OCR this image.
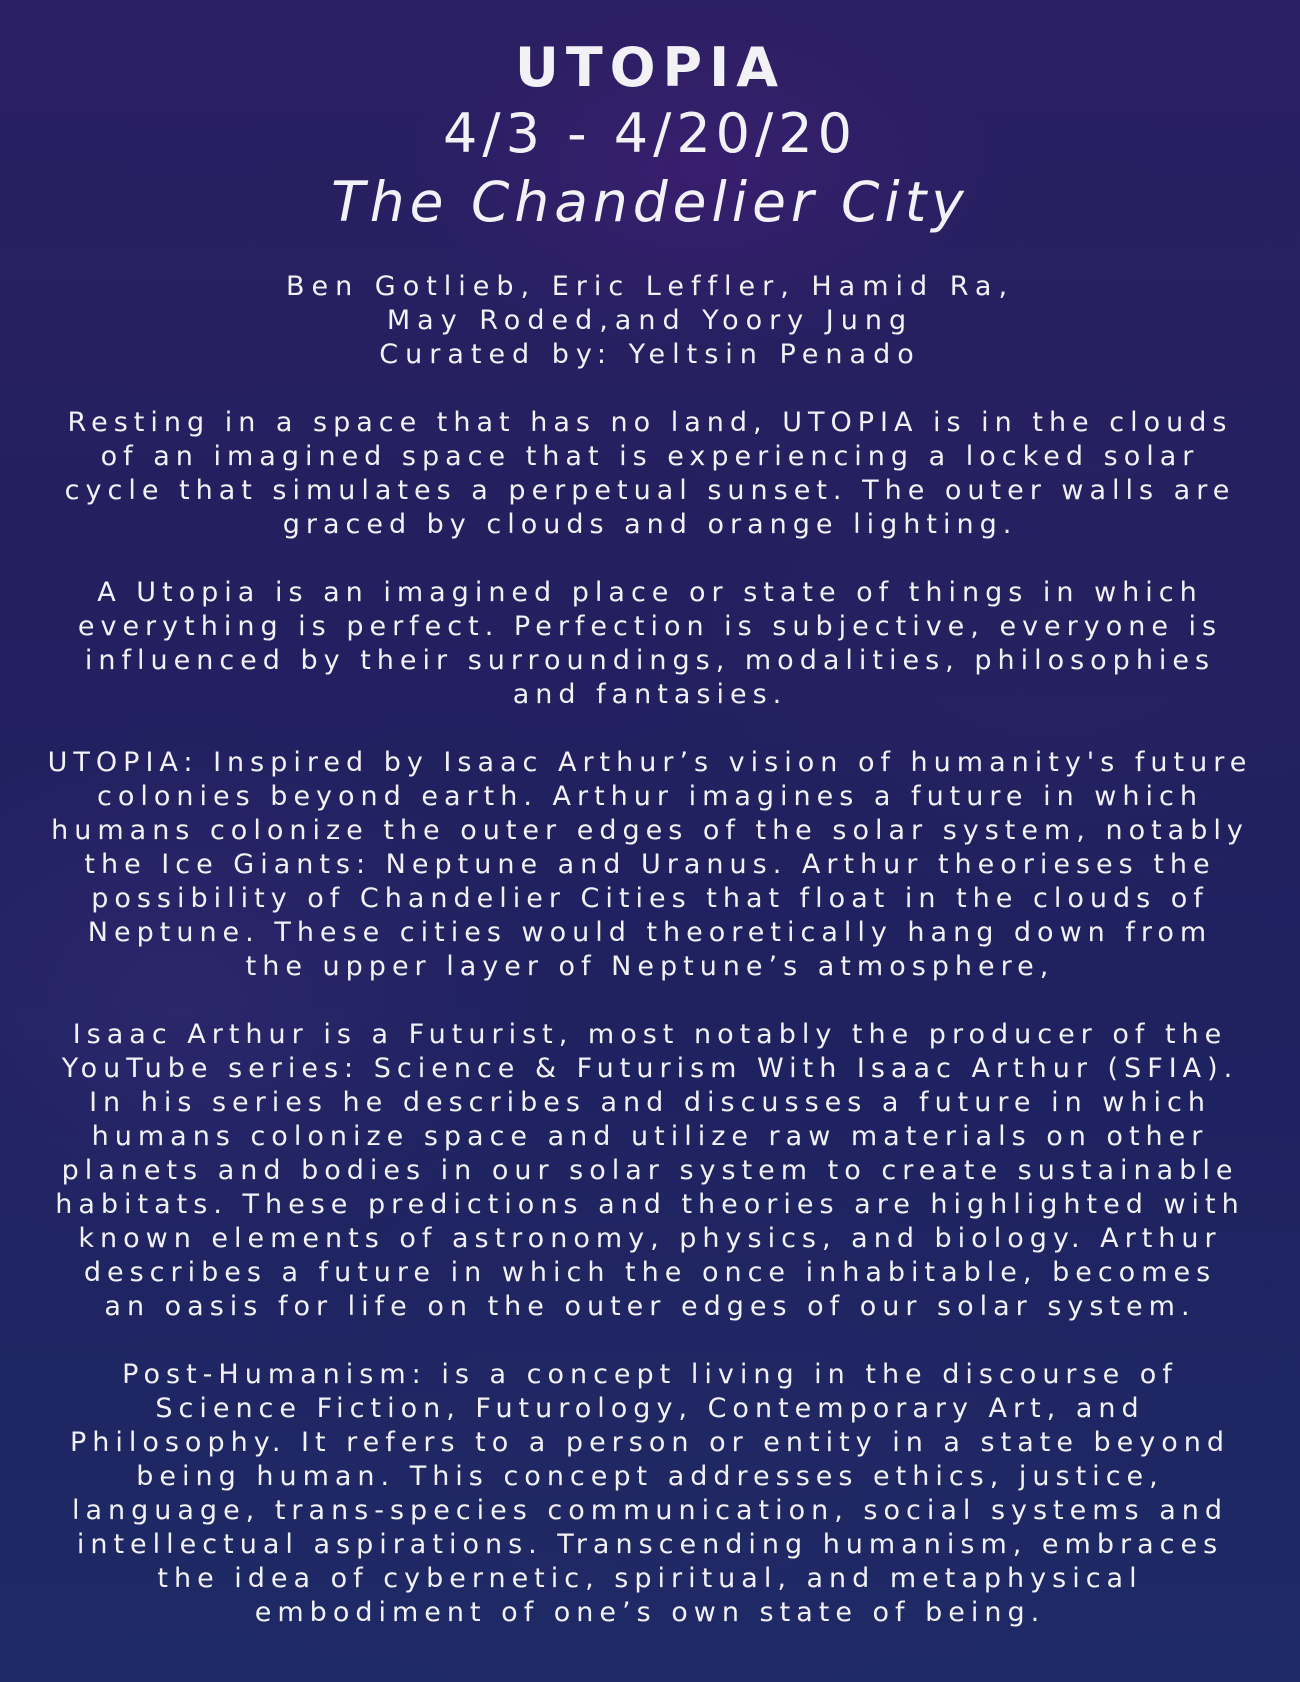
UTOPIA
4/3 - 4/20/20
The Chandelier City
Ben Gotlieb, Eric Leffler, Hamid Ra,
May Roded,and Yoory Jung
Curated by: Yeltsin Penado
Resting in a space that has no land, UTOPIA is in the clouds
of an imagined space that is experiencing a locked solar
cycle that simulates a perpetual sunset. The outer walls are
graced by clouds and orange lighting.
A Utopia is an imagined place or state of things in which
everything is perfect. Perfection is subjective, everyone is
influenced by their surroundings, modalities, philosophies
and fantasies.
UTOPIA: Inspired by Isaac Arthur’s vision of humanity's future
colonies beyond earth. Arthur imagines a future in which
humans colonize the outer edges of the solar system, notably
the Ice Giants: Neptune and Uranus. Arthur theorieses the
possibility of Chandelier Cities that float in the clouds of
Neptune. These cities would theoretically hang down from
the upper layer of Neptune’s atmosphere,
Isaac Arthur is a Futurist, most notably the producer of the
YouTube series: Science & Futurism With Isaac Arthur (SFIA).
In his series he describes and discusses a future in which
humans colonize space and utilize raw materials on other
planets and bodies in our solar system to create sustainable
habitats. These predictions and theories are highlighted with
known elements of astronomy, physics, and biology. Arthur
describes a future in which the once inhabitable, becomes
an oasis for life on the outer edges of our solar system.
Post-Humanism: is a concept living in the discourse of
Science Fiction, Futurology, Contemporary Art, and
Philosophy. It refers to a person or entity in a state beyond
being human. This concept addresses ethics, justice,
language, trans-species communication, social systems and
intellectual aspirations. Transcending humanism, embraces
the idea of cybernetic, spiritual, and metaphysical
embodiment of one’s own state of being.
